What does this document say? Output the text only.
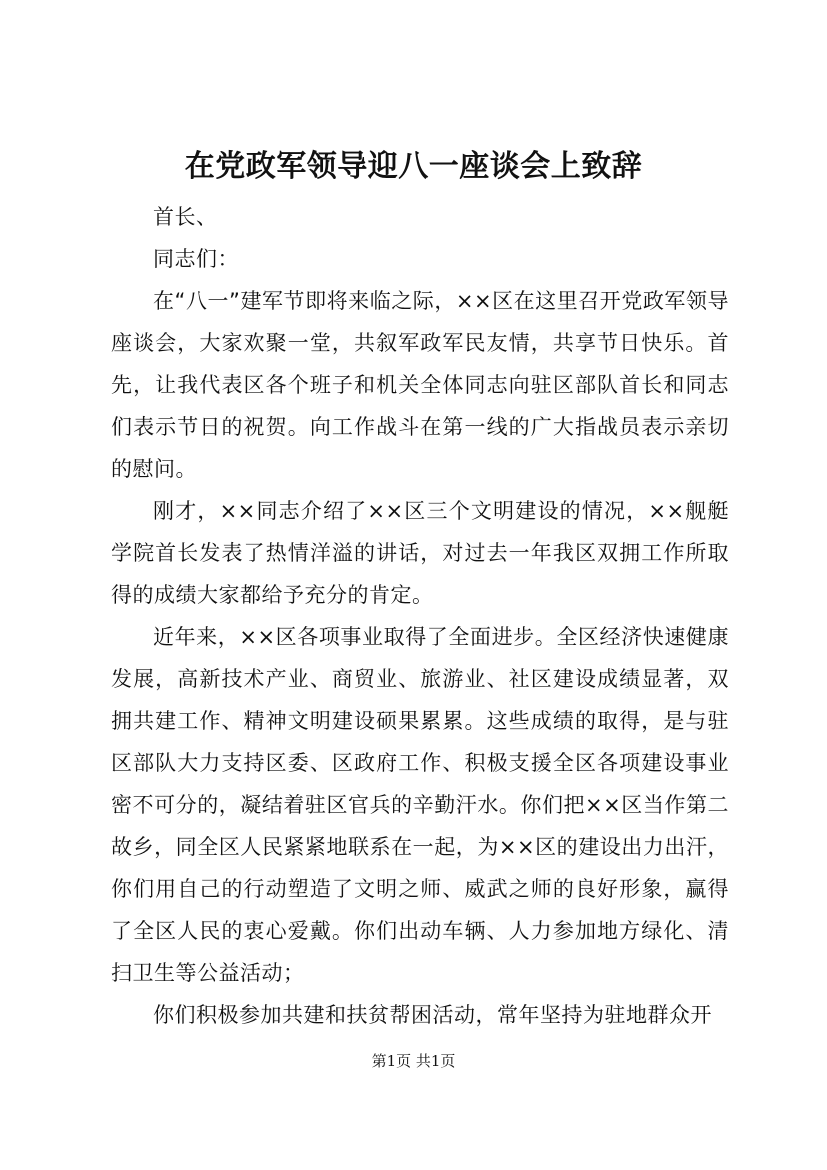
在党政军领导迎八一座谈会上致辞

首长、

同志们：

在“八一”建军节即将来临之际，××区在这里召开党政军领导座谈会，大家欢聚一堂，共叙军政军民友情，共享节日快乐。首先，让我代表区各个班子和机关全体同志向驻区部队首长和同志们表示节日的祝贺。向工作战斗在第一线的广大指战员表示亲切的慰问。

刚才，××同志介绍了××区三个文明建设的情况，××舰艇学院首长发表了热情洋溢的讲话，对过去一年我区双拥工作所取得的成绩大家都给予充分的肯定。

近年来，××区各项事业取得了全面进步。全区经济快速健康发展，高新技术产业、商贸业、旅游业、社区建设成绩显著，双拥共建工作、精神文明建设硕果累累。这些成绩的取得，是与驻区部队大力支持区委、区政府工作、积极支援全区各项建设事业密不可分的，凝结着驻区官兵的辛勤汗水。你们把××区当作第二故乡，同全区人民紧紧地联系在一起，为××区的建设出力出汗，你们用自己的行动塑造了文明之师、威武之师的良好形象，赢得了全区人民的衷心爱戴。你们出动车辆、人力参加地方绿化、清扫卫生等公益活动；

你们积极参加共建和扶贫帮困活动，常年坚持为驻地群众开

第1页 共1页
